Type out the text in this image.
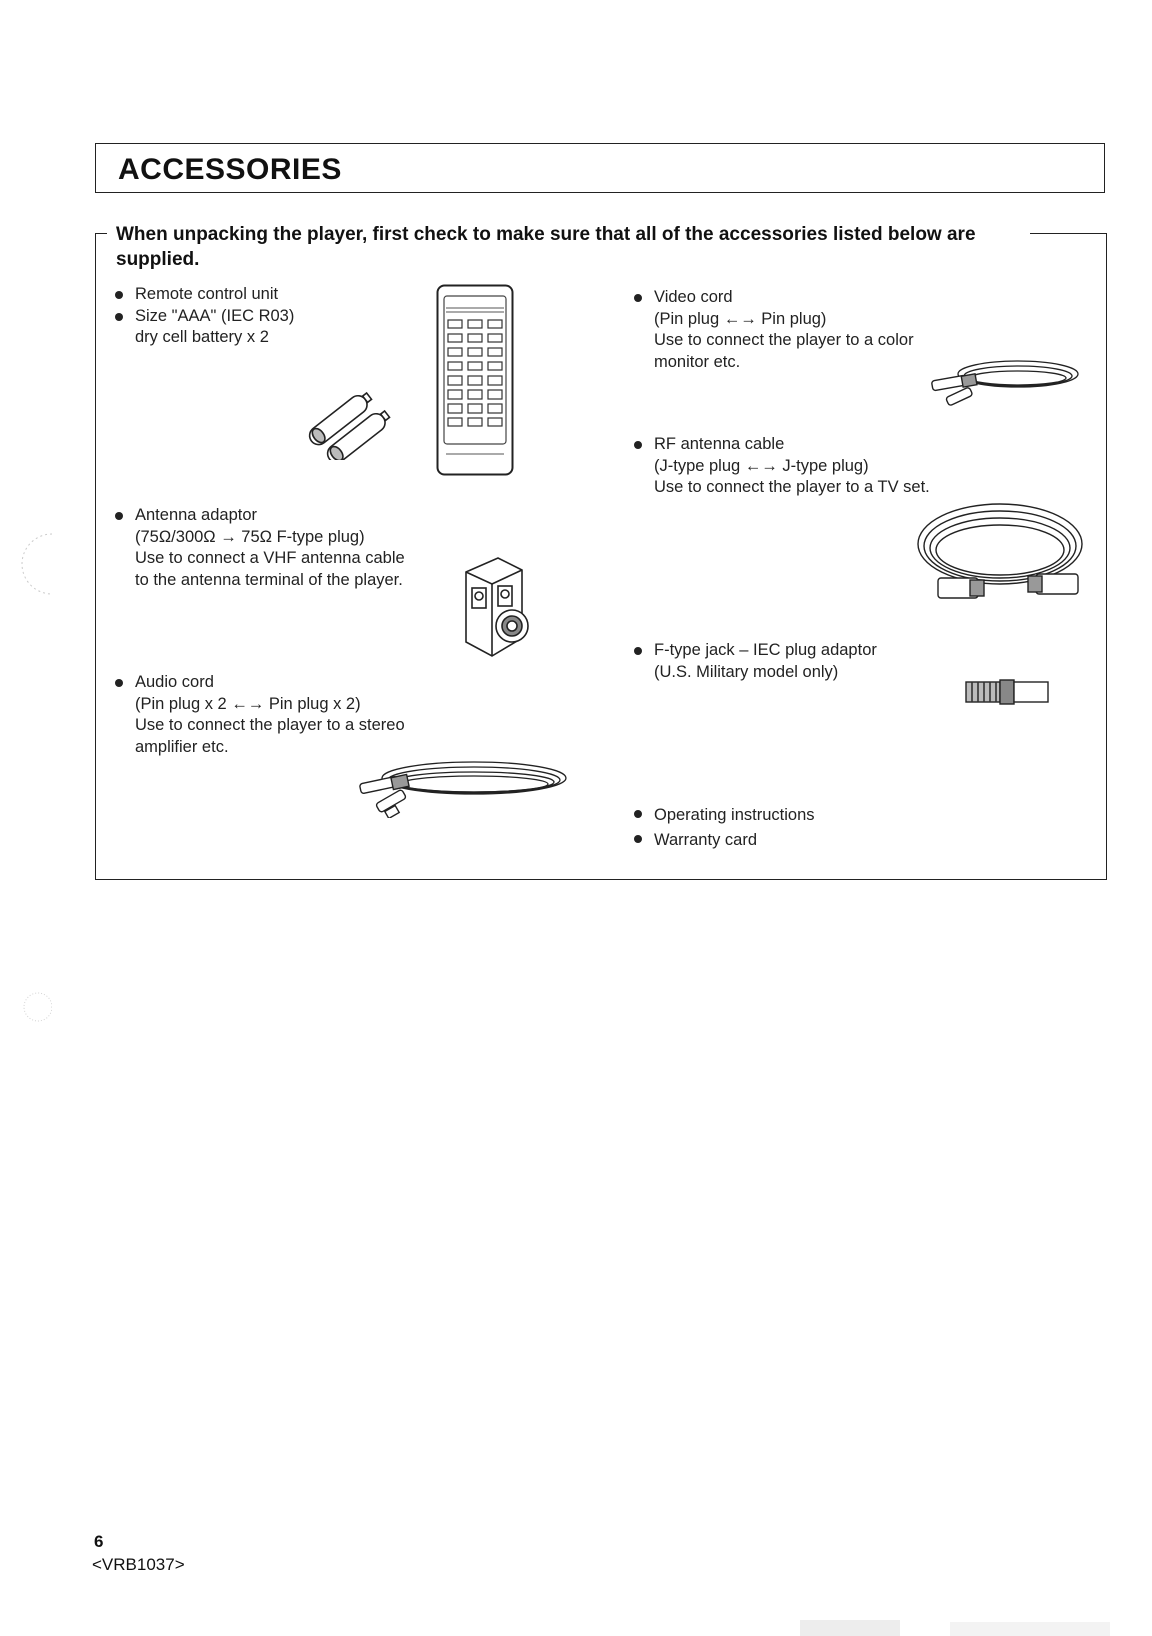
ACCESSORIES

When unpacking the player, first check to make sure that all of the accessories listed below are supplied.

Remote control unit
Size "AAA" (IEC R03)
dry cell battery x 2
Antenna adaptor
(75Ω/300Ω → 75Ω F-type plug)
Use to connect a VHF antenna cable
to the antenna terminal of the player.
Audio cord
(Pin plug x 2 ←→ Pin plug x 2)
Use to connect the player to a stereo
amplifier etc.
Video cord
(Pin plug ←→ Pin plug)
Use to connect the player to a color
monitor etc.
RF antenna cable
(J-type plug ←→ J-type plug)
Use to connect the player to a TV set.
F-type jack – IEC plug adaptor
(U.S. Military model only)
Operating instructions
Warranty card
6
<VRB1037>
